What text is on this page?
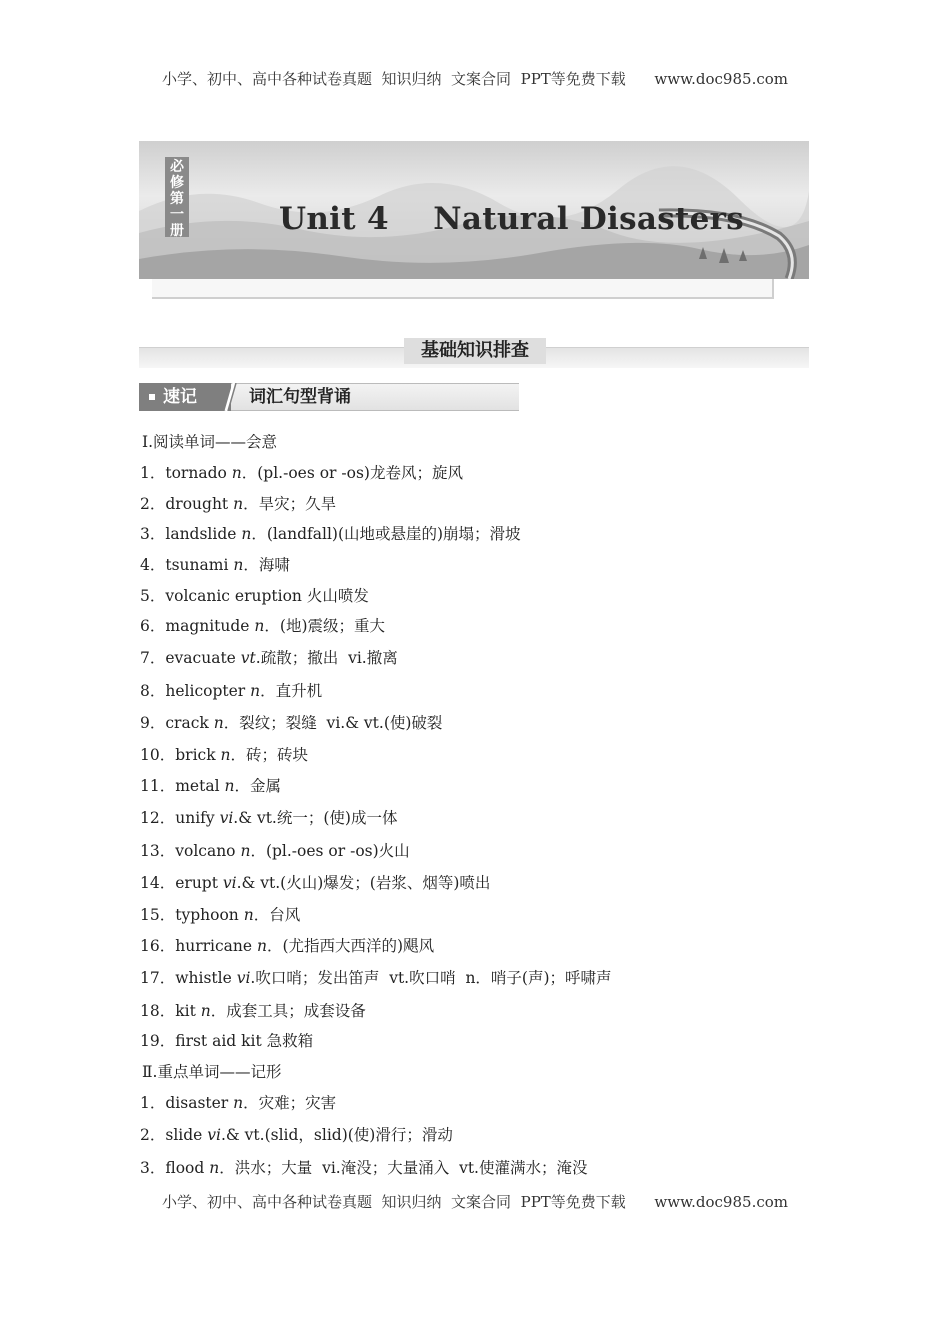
小学、初中、高中各种试卷真题  知识归纳  文案合同  PPT等免费下载      www.doc985.com
必
修
第
一
册	Unit 4    Natural Disasters
基础知识排查
词汇句型背诵
速记
Ⅰ.阅读单词——会意
1．tornado n．(pl.-oes or -os)龙卷风；旋风
2．drought n．旱灾；久旱
3．landslide n．(landfall)(山地或悬崖的)崩塌；滑坡
4．tsunami n．海啸
5．volcanic eruption 火山喷发
6．magnitude n．(地)震级；重大
7．evacuate vt.疏散；撤出  vi.撤离
8．helicopter n．直升机
9．crack n．裂纹；裂缝  vi.& vt.(使)破裂
10．brick n．砖；砖块
11．metal n．金属
12．unify vi.& vt.统一；(使)成一体
13．volcano n．(pl.-oes or -os)火山
14．erupt vi.& vt.(火山)爆发；(岩浆、烟等)喷出
15．typhoon n．台风
16．hurricane n．(尤指西大西洋的)飓风
17．whistle vi.吹口哨；发出笛声  vt.吹口哨  n．哨子(声)；呼啸声
18．kit n．成套工具；成套设备
19．first aid kit 急救箱
Ⅱ.重点单词——记形
1．disaster n．灾难；灾害
2．slide vi.& vt.(slid，slid)(使)滑行；滑动
3．flood n．洪水；大量  vi.淹没；大量涌入  vt.使灌满水；淹没
小学、初中、高中各种试卷真题  知识归纳  文案合同  PPT等免费下载      www.doc985.com
